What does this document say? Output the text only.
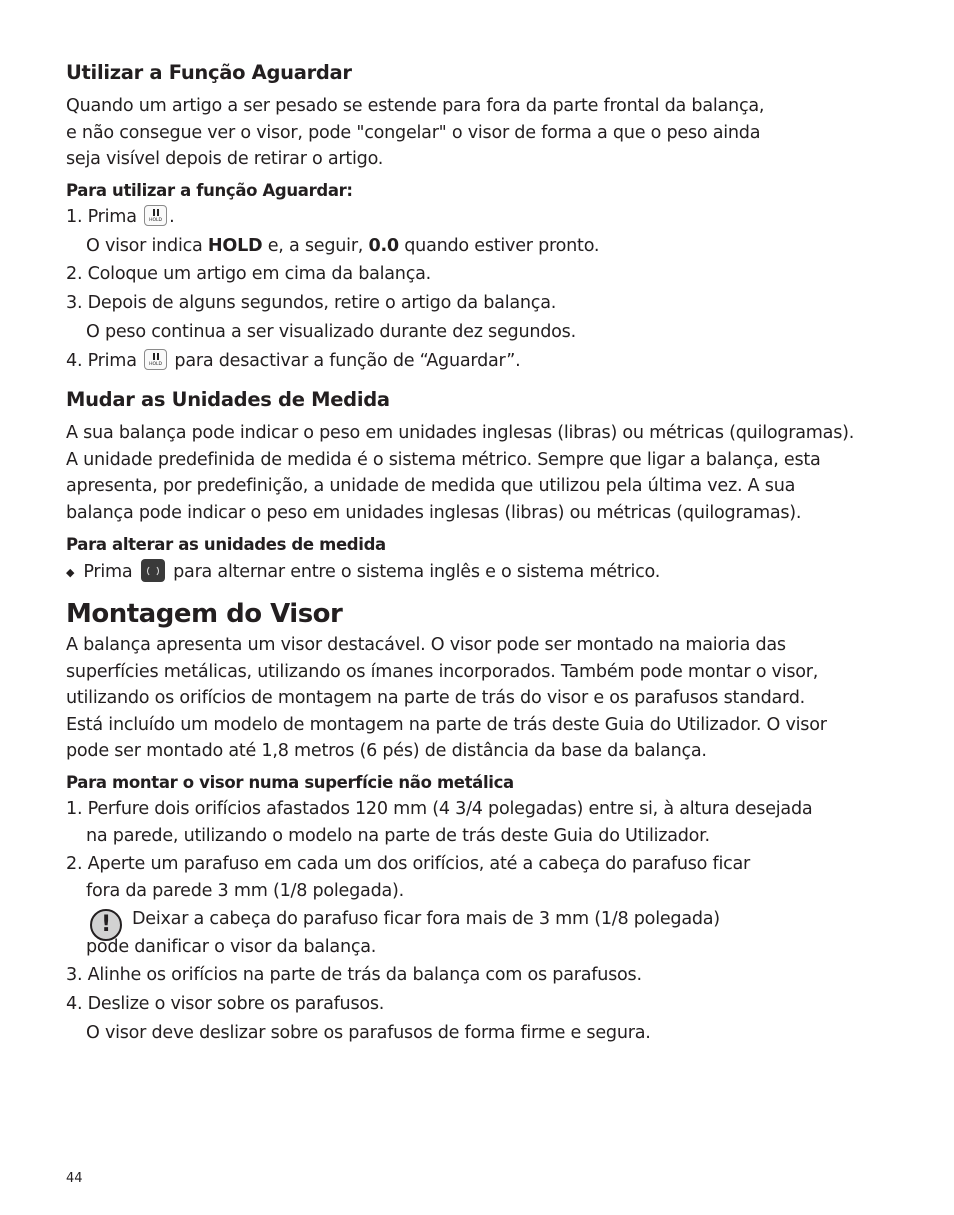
Utilizar a Função Aguardar
Quando um artigo a ser pesado se estende para fora da parte frontal da balança,
e não consegue ver o visor, pode "congelar" o visor de forma a que o peso ainda
seja visível depois de retirar o artigo.
Para utilizar a função Aguardar:
1. Prima	HOLD .
O visor indica HOLD e, a seguir, 0.0 quando estiver pronto.
2. Coloque um artigo em cima da balança.
3. Depois de alguns segundos, retire o artigo da balança.
O peso continua a ser visualizado durante dez segundos.
4. Prima	HOLD para desactivar a função de “Aguardar”.
Mudar as Unidades de Medida
A sua balança pode indicar o peso em unidades inglesas (libras) ou métricas (quilogramas).
A unidade predefinida de medida é o sistema métrico. Sempre que ligar a balança, esta
apresenta, por predefinição, a unidade de medida que utilizou pela última vez. A sua
balança pode indicar o peso em unidades inglesas (libras) ou métricas (quilogramas).
Para alterar as unidades de medida
◆ Prima para alternar entre o sistema inglês e o sistema métrico.
Montagem do Visor
A balança apresenta um visor destacável. O visor pode ser montado na maioria das
superfícies metálicas, utilizando os ímanes incorporados. Também pode montar o visor,
utilizando os orifícios de montagem na parte de trás do visor e os parafusos standard.
Está incluído um modelo de montagem na parte de trás deste Guia do Utilizador. O visor
pode ser montado até 1,8 metros (6 pés) de distância da base da balança.
Para montar o visor numa superfície não metálica
1. Perfure dois orifícios afastados 120 mm (4 3/4 polegadas) entre si, à altura desejada
na parede, utilizando o modelo na parte de trás deste Guia do Utilizador.
2. Aperte um parafuso em cada um dos orifícios, até a cabeça do parafuso ficar
fora da parede 3 mm (1/8 polegada).
! Deixar a cabeça do parafuso ficar fora mais de 3 mm (1/8 polegada)
pode danificar o visor da balança.
3. Alinhe os orifícios na parte de trás da balança com os parafusos.
4. Deslize o visor sobre os parafusos.
O visor deve deslizar sobre os parafusos de forma firme e segura.
44
